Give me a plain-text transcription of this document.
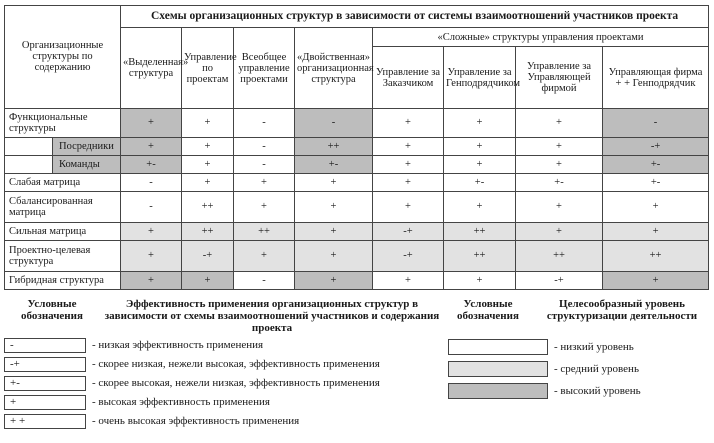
Организационные структуры по содержанию		Схемы организационных структур в зависимости от системы взаимоотношений участников проекта							
		«Выделенная» структура	Управление по проектам	Всеобщее управление проектами	«Двойственная» организационная структура	«Сложные» структуры управления проектами			
						Управление за Заказчиком	Управление за Генподрядчиком	Управление за Управляющей фирмой	Управляющая фирма + + Генподрядчик
Функциональные структуры		+	+	-	-	+	+	+	-
	Посредники	+	+	-	++	+	+	+	-+
	Команды	+-	+	-	+-	+	+	+	+-
Слабая матрица		-	+	+	+	+	+-	+-	+-
Сбалансированная матрица		-	++	+	+	+	+	+	+
Сильная матрица		+	++	++	+	-+	++	+	+
Проектно-целевая структура		+	-+	+	+	-+	++	++	++
Гибридная структура		+	+	-	+	+	+	-+	+
Условные обозначения
Эффективность применения организационных структур в зависимости от схемы взаимоотношений участников и содержания проекта
-	- низкая эффективность применения
-+	- скорее низкая, нежели высокая, эффективность применения
+-	- скорее высокая, нежели низкая, эффективность применения
+	- высокая эффективность применения
+ +	- очень высокая эффективность применения
Условные обозначения
Целесообразный уровень структуризации деятельности
- низкий уровень
- средний уровень
- высокий уровень
